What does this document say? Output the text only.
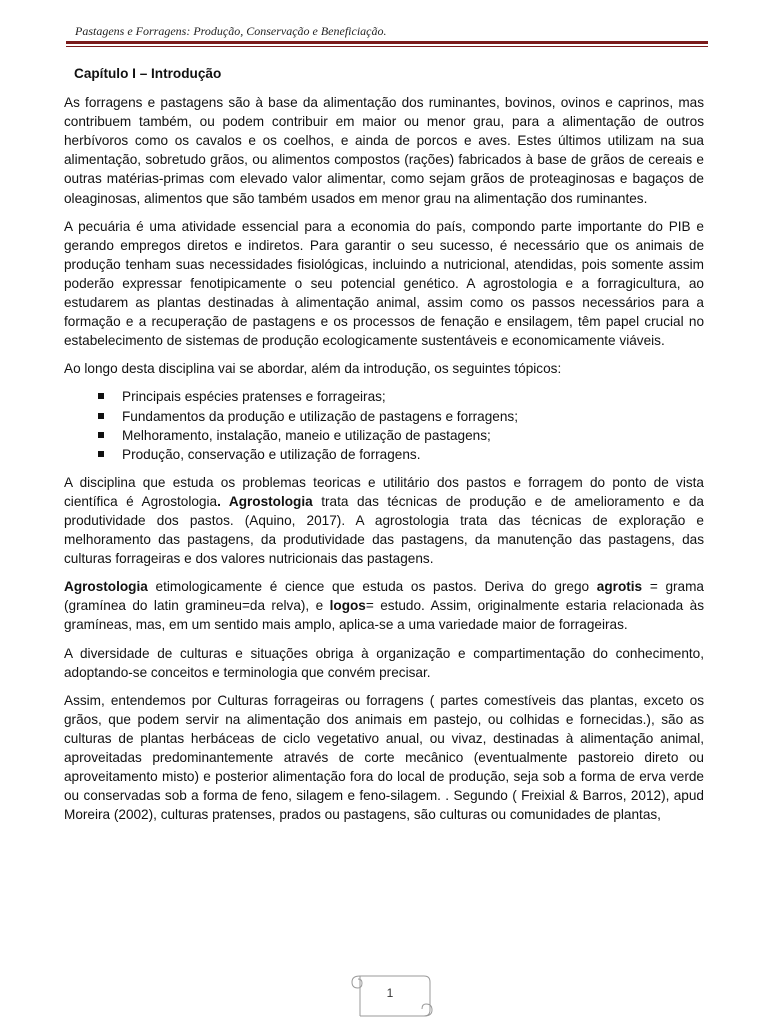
Pastagens e Forragens: Produção, Conservação e Beneficiação.
Capítulo I – Introdução

As forragens e pastagens são à base da alimentação dos ruminantes, bovinos, ovinos e caprinos, mas contribuem também, ou podem contribuir em maior ou menor grau, para a alimentação de outros herbívoros como os cavalos e os coelhos, e ainda de porcos e aves. Estes últimos utilizam na sua alimentação, sobretudo grãos, ou alimentos compostos (rações) fabricados à base de grãos de cereais e outras matérias-primas com elevado valor alimentar, como sejam grãos de proteaginosas e bagaços de oleaginosas, alimentos que são também usados em menor grau na alimentação dos ruminantes.

A pecuária é uma atividade essencial para a economia do país, compondo parte importante do PIB e gerando empregos diretos e indiretos. Para garantir o seu sucesso, é necessário que os animais de produção tenham suas necessidades fisiológicas, incluindo a nutricional, atendidas, pois somente assim poderão expressar fenotipicamente o seu potencial genético. A agrostologia e a forragicultura, ao estudarem as plantas destinadas à alimentação animal, assim como os passos necessários para a formação e a recuperação de pastagens e os processos de fenação e ensilagem, têm papel crucial no estabelecimento de sistemas de produção ecologicamente sustentáveis e economicamente viáveis.

Ao longo desta disciplina vai se abordar, além da introdução, os seguintes tópicos:

Principais espécies pratenses e forrageiras;
Fundamentos da produção e utilização de pastagens e forragens;
Melhoramento, instalação, maneio e utilização de pastagens;
Produção, conservação e utilização de forragens.

A disciplina que estuda os problemas teoricas e utilitário dos pastos e forragem do ponto de vista científica é Agrostologia. Agrostologia trata das técnicas de produção e de amelioramento e da produtividade dos pastos. (Aquino, 2017). A agrostologia trata das técnicas de exploração e melhoramento das pastagens, da produtividade das pastagens, da manutenção das pastagens, das culturas forrageiras e dos valores nutricionais das pastagens.

Agrostologia etimologicamente é cience que estuda os pastos. Deriva do grego agrotis = grama (gramínea do latin gramineu=da relva), e logos= estudo. Assim, originalmente estaria relacionada às gramíneas, mas, em um sentido mais amplo, aplica-se a uma variedade maior de forrageiras.

A diversidade de culturas e situações obriga à organização e compartimentação do conhecimento, adoptando-se conceitos e terminologia que convém precisar.

Assim, entendemos por Culturas forrageiras ou forragens ( partes comestíveis das plantas, exceto os grãos, que podem servir na alimentação dos animais em pastejo, ou colhidas e fornecidas.), são as culturas de plantas herbáceas de ciclo vegetativo anual, ou vivaz, destinadas à alimentação animal, aproveitadas predominantemente através de corte mecânico (eventualmente pastoreio direto ou aproveitamento misto) e posterior alimentação fora do local de produção, seja sob a forma de erva verde ou conservadas sob a forma de feno, silagem e feno-silagem. . Segundo ( Freixial & Barros, 2012), apud Moreira (2002), culturas pratenses, prados ou pastagens, são culturas ou comunidades de plantas,

1
